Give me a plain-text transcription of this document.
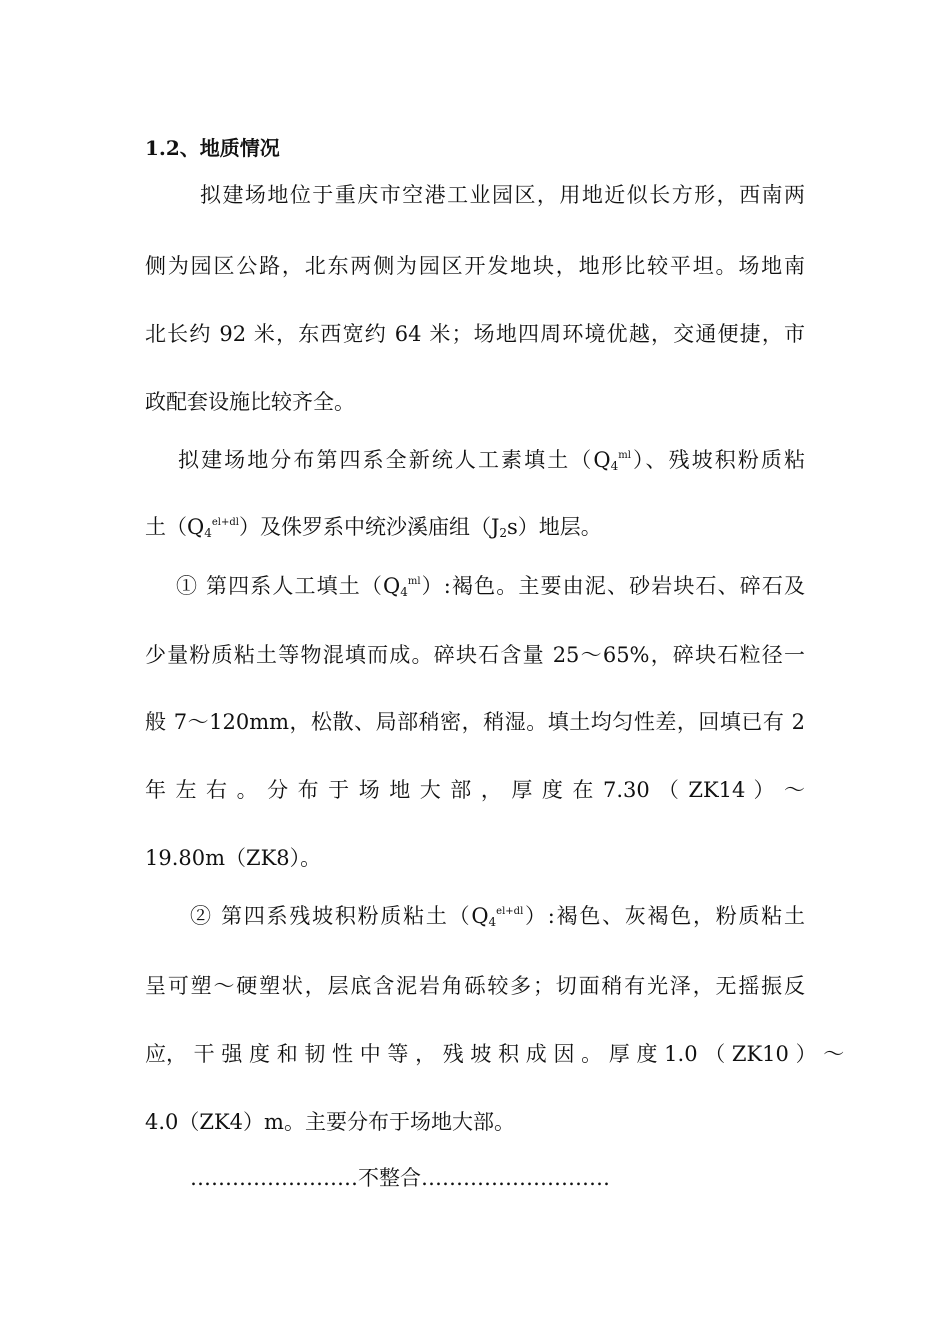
1.2、地质情况
拟建场地位于重庆市空港工业园区，用地近似长方形，西南两
侧为园区公路，北东两侧为园区开发地块，地形比较平坦。场地南
北长约 92 米，东西宽约 64 米；场地四周环境优越，交通便捷，市
政配套设施比较齐全。
拟建场地分布第四系全新统人工素填土$(Q_4^{ml})$、残坡积粉质粘
土$(Q_4^{el+dl})$及侏罗系中统沙溪庙组$(J_2s)$地层。
① 第四系人工填土$(Q_4^{ml})$:褐色。主要由泥、砂岩块石、碎石及
少量粉质粘土等物混填而成。碎块石含量 25～65%，碎块石粒径一
般 7～120mm，松散、局部稍密，稍湿。填土均匀性差，回填已有 2
年 左 右 。 分 布 于 场 地 大 部 ， 厚 度 在 7.30 （ ZK14 ） ～
19.80m（ZK8）。
② 第四系残坡积粉质粘土$(Q_4^{el+dl})$:褐色、灰褐色，粉质粘土
呈可塑～硬塑状，层底含泥岩角砾较多；切面稍有光泽，无摇振反
应， 干 强 度 和 韧 性 中 等 ， 残 坡 积 成 因 。 厚 度 1.0 （ ZK10 ） ～
4.0（ZK4）m。主要分布于场地大部。
……………………不整合………………………
